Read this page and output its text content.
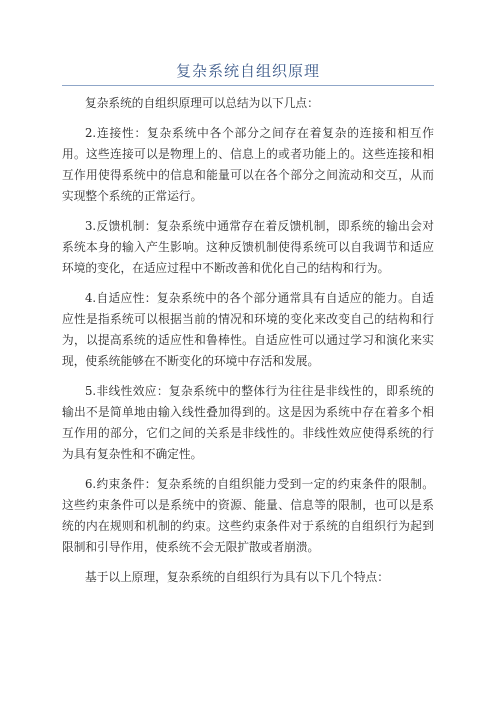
复杂系统自组织原理

复杂系统的自组织原理可以总结为以下几点：

2.连接性：复杂系统中各个部分之间存在着复杂的连接和相互作用。这些连接可以是物理上的、信息上的或者功能上的。这些连接和相互作用使得系统中的信息和能量可以在各个部分之间流动和交互，从而实现整个系统的正常运行。

3.反馈机制：复杂系统中通常存在着反馈机制，即系统的输出会对系统本身的输入产生影响。这种反馈机制使得系统可以自我调节和适应环境的变化，在适应过程中不断改善和优化自己的结构和行为。

4.自适应性：复杂系统中的各个部分通常具有自适应的能力。自适应性是指系统可以根据当前的情况和环境的变化来改变自己的结构和行为，以提高系统的适应性和鲁棒性。自适应性可以通过学习和演化来实现，使系统能够在不断变化的环境中存活和发展。

5.非线性效应：复杂系统中的整体行为往往是非线性的，即系统的输出不是简单地由输入线性叠加得到的。这是因为系统中存在着多个相互作用的部分，它们之间的关系是非线性的。非线性效应使得系统的行为具有复杂性和不确定性。

6.约束条件：复杂系统的自组织能力受到一定的约束条件的限制。这些约束条件可以是系统中的资源、能量、信息等的限制，也可以是系统的内在规则和机制的约束。这些约束条件对于系统的自组织行为起到限制和引导作用，使系统不会无限扩散或者崩溃。

基于以上原理，复杂系统的自组织行为具有以下几个特点：
